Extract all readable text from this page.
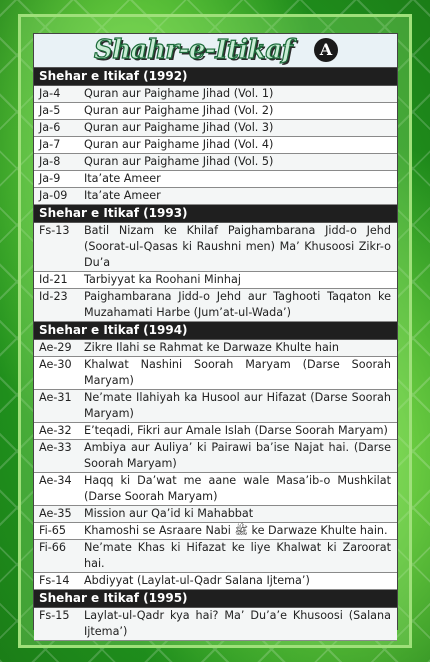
Shahr-e-Itikaf	A
Shehar e Itikaf (1992)
Ja-4	Quran aur Paighame Jihad (Vol. 1)
Ja-5	Quran aur Paighame Jihad (Vol. 2)
Ja-6	Quran aur Paighame Jihad (Vol. 3)
Ja-7	Quran aur Paighame Jihad (Vol. 4)
Ja-8	Quran aur Paighame Jihad (Vol. 5)
Ja-9	Ita’ate Ameer
Ja-09	Ita’ate Ameer
Shehar e Itikaf (1993)
Fs-13	Batil Nizam ke Khilaf Paighambarana Jidd-o Jehd (Soorat-ul-Qasas ki Raushni men) Ma’ Khusoosi Zikr-o Du’a
Id-21	Tarbiyyat ka Roohani Minhaj
Id-23	Paighambarana Jidd-o Jehd aur Taghooti Taqaton ke Muzahamati Harbe (Jum’at-ul-Wada’)
Shehar e Itikaf (1994)
Ae-29	Zikre Ilahi se Rahmat ke Darwaze Khulte hain
Ae-30	Khalwat Nashini Soorah Maryam (Darse Soorah Maryam)
Ae-31	Ne’mate Ilahiyah ka Husool aur Hifazat (Darse Soorah Maryam)
Ae-32	E’teqadi, Fikri aur Amale Islah (Darse Soorah Maryam)
Ae-33	Ambiya aur Auliya’ ki Pairawi ba’ise Najat hai. (Darse Soorah Maryam)
Ae-34	Haqq ki Da’wat me aane wale Masa’ib-o Mushkilat (Darse Soorah Maryam)
Ae-35	Mission aur Qa’id ki Mahabbat
Fi-65	Khamoshi se Asraare Nabi ﷺ ke Darwaze Khulte hain.
Fi-66	Ne’mate Khas ki Hifazat ke liye Khalwat ki Zaroorat hai.
Fs-14	Abdiyyat (Laylat-ul-Qadr Salana Ijtema’)
Shehar e Itikaf (1995)
Fs-15	Laylat-ul-Qadr kya hai? Ma’ Du’a’e Khusoosi (Salana Ijtema’)
